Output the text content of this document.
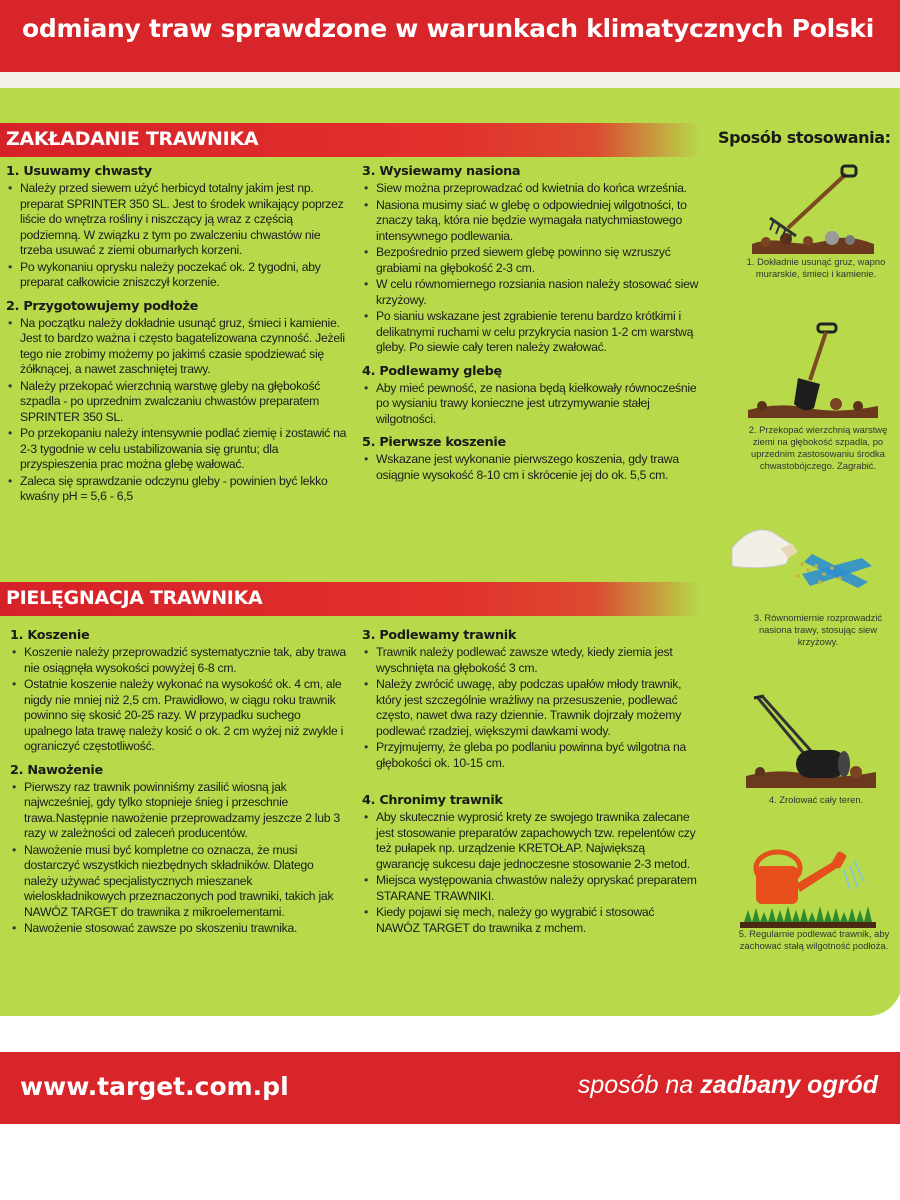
odmiany traw sprawdzone w warunkach klimatycznych Polski
ZAKŁADANIE TRAWNIKA
1. Usuwamy chwasty
• Należy przed siewem użyć herbicyd totalny jakim jest np. preparat SPRINTER 350 SL. Jest to środek wnikający poprzez liście do wnętrza rośliny i niszczący ją wraz z częścią podziemną. W związku z tym po zwalczeniu chwastów nie trzeba usuwać z ziemi obumarłych korzeni.
• Po wykonaniu oprysku należy poczekać ok. 2 tygodni, aby preparat całkowicie zniszczył korzenie.
2. Przygotowujemy podłoże
• Na początku należy dokładnie usunąć gruz, śmieci i kamienie. Jest to bardzo ważna i często bagatelizowana czynność. Jeżeli tego nie zrobimy możemy po jakimś czasie spodziewać się żółknącej, a nawet zaschniętej trawy.
• Należy przekopać wierzchnią warstwę gleby na głębokość szpadla - po uprzednim zwalczaniu chwastów preparatem SPRINTER 350 SL.
• Po przekopaniu należy intensywnie podlać ziemię i zostawić na 2-3 tygodnie w celu ustabilizowania się gruntu; dla przyspieszenia prac można glebę wałować.
• Zaleca się sprawdzanie odczynu gleby - powinien być lekko kwaśny pH = 5,6 - 6,5
3. Wysiewamy nasiona
• Siew można przeprowadzać od kwietnia do końca września.
• Nasiona musimy siać w glebę o odpowiedniej wilgotności, to znaczy taką, która nie będzie wymagała natychmiastowego intensywnego podlewania.
• Bezpośrednio przed siewem glebę powinno się wzruszyć grabiami na głębokość 2-3 cm.
• W celu równomiernego rozsiania nasion należy stosować siew krzyżowy.
• Po sianiu wskazane jest zgrabienie terenu bardzo krótkimi i delikatnymi ruchami w celu przykrycia nasion 1-2 cm warstwą gleby. Po siewie cały teren należy zwałować.
4. Podlewamy glebę
• Aby mieć pewność, ze nasiona będą kiełkowały równocześnie po wysianiu trawy konieczne jest utrzymywanie stałej wilgotności.
5. Pierwsze koszenie
• Wskazane jest wykonanie pierwszego koszenia, gdy trawa osiągnie wysokość 8-10 cm i skrócenie jej do ok. 5,5 cm.
PIELĘGNACJA TRAWNIKA
1. Koszenie
• Koszenie należy przeprowadzić systematycznie tak, aby trawa nie osiągnęła wysokości powyżej 6-8 cm.
• Ostatnie koszenie należy wykonać na wysokość ok. 4 cm, ale nigdy nie mniej niż 2,5 cm. Prawidłowo, w ciągu roku trawnik powinno się skosić 20-25 razy. W przypadku suchego upalnego lata trawę należy kosić o ok. 2 cm wyżej niż zwykle i ograniczyć częstotliwość.
2. Nawożenie
• Pierwszy raz trawnik powinniśmy zasilić wiosną jak najwcześniej, gdy tylko stopnieje śnieg i przeschnie trawa.Następnie nawożenie przeprowadzamy jeszcze 2 lub 3 razy w zależności od zaleceń producentów.
• Nawożenie musi być kompletne co oznacza, że musi dostarczyć wszystkich niezbędnych składników. Dlatego należy używać specjalistycznych mieszanek wieloskładnikowych przeznaczonych pod trawniki, takich jak NAWÓZ TARGET do trawnika z mikroelementami.
• Nawożenie stosować zawsze po skoszeniu trawnika.
3. Podlewamy trawnik
• Trawnik należy podlewać zawsze wtedy, kiedy ziemia jest wyschnięta na głębokość 3 cm.
• Należy zwrócić uwagę, aby podczas upałów młody trawnik, który jest szczególnie wrażliwy na przesuszenie, podlewać często, nawet dwa razy dziennie. Trawnik dojrzały możemy podlewać rzadziej, większymi dawkami wody.
• Przyjmujemy, że gleba po podlaniu powinna być wilgotna na głębokości ok. 10-15 cm.
4. Chronimy trawnik
• Aby skutecznie wyprosić krety ze swojego trawnika zalecane jest stosowanie preparatów zapachowych tzw. repelentów czy też pułapek np. urządzenie KRETOŁAP. Największą gwarancję sukcesu daje jednoczesne stosowanie 2-3 metod.
• Miejsca występowania chwastów należy opryskać preparatem STARANE TRAWNIKI.
• Kiedy pojawi się mech, należy go wygrabić i stosować NAWÓZ TARGET do trawnika z mchem.
Sposób stosowania:
1. Dokładnie usunąć gruz, wapno murarskie, śmieci i kamienie.
2. Przekopać wierzchnią warstwę ziemi na głębokość szpadla, po uprzednim zastosowaniu środka chwastobójczego. Zagrabić.
3. Równomiernie rozprowadzić nasiona trawy, stosując siew krzyżowy.
4. Zrolować cały teren.
5. Regularnie podlewać trawnik, aby zachować stałą wilgotność podłoża.
www.target.com.pl	sposób na zadbany ogród
